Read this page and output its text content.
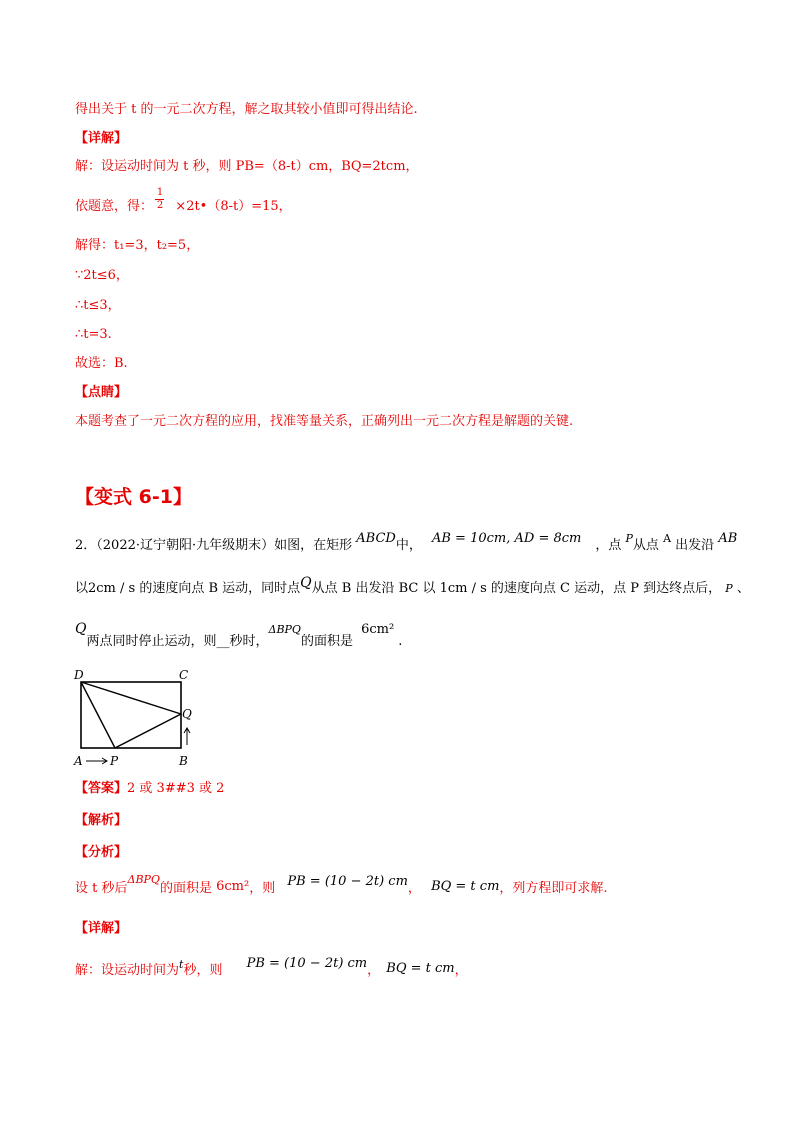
得出关于 t 的一元二次方程，解之取其较小值即可得出结论.
【详解】
解：设运动时间为 t 秒，则 PB=（8-t）cm，BQ=2tcm，
依题意，得： ×2t•（8-t）=15，
1
2
解得：t₁=3，t₂=5，
∵2t≤6，
∴t≤3，
∴t=3.
故选：B.
【点睛】
本题考查了一元二次方程的应用，找准等量关系，正确列出一元二次方程是解题的关键.
【变式 6-1】
2．（2022·辽宁朝阳·九年级期末）如图，在矩形 ABCD中， AB = 10cm, AD = 8cm ，点 $^P$从点 $^A$ 出发沿 AB
以2cm / s 的速度向点 B 运动，同时点Q从点 B 出发沿 BC 以 1cm / s 的速度向点 C 运动，点 P 到达终点后， P 、
Q两点同时停止运动，则__秒时，$^{\Delta BPQ}$的面积是 6cm².
D	C
Q
A P	B
【答案】2 或 3##3 或 2
【解析】
【分析】
设 t 秒后$^{\Delta BPQ}$的面积是 6cm²，则 PB = (10 − 2t) cm， BQ = t cm，列方程即可求解.
【详解】
解：设运动时间为$^t$秒，则 PB = (10 − 2t) cm， BQ = t cm，
